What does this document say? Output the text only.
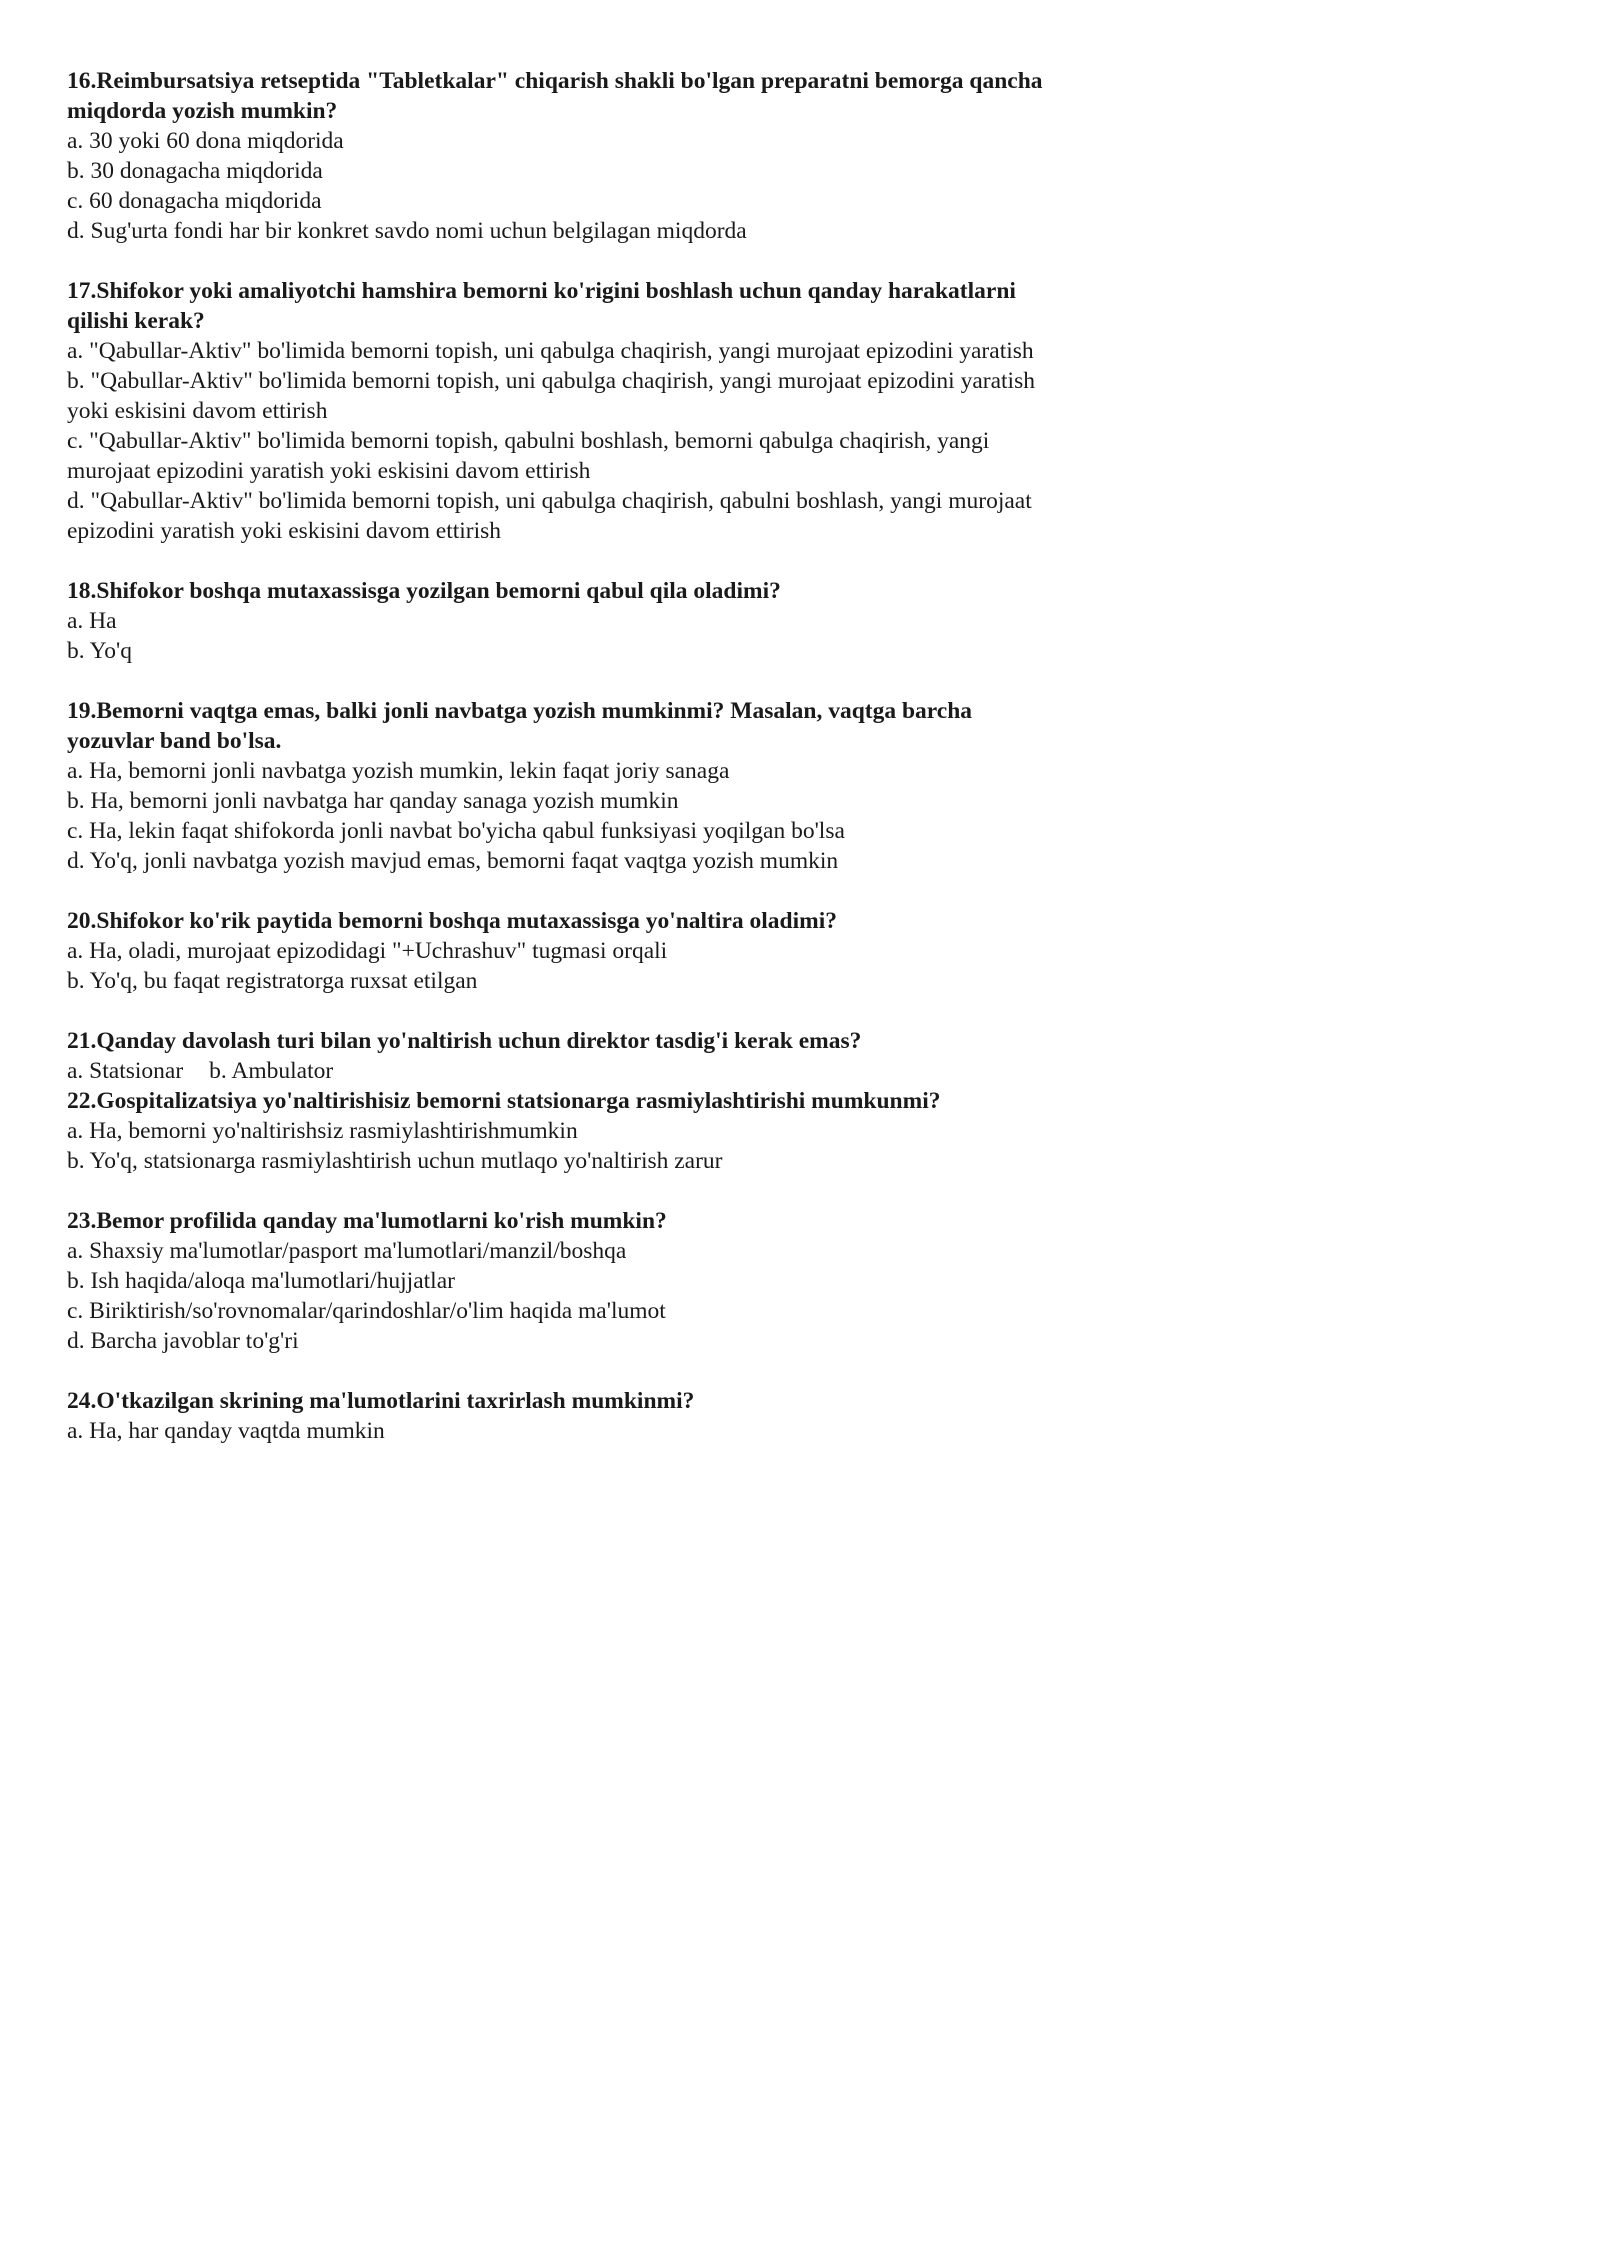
16.Reimbursatsiya retseptida "Tabletkalar" chiqarish shakli bo'lgan preparatni bemorga qancha miqdorda yozish mumkin?

a. 30 yoki 60 dona miqdorida

b. 30 donagacha miqdorida

c. 60 donagacha miqdorida

d. Sug'urta fondi har bir konkret savdo nomi uchun belgilagan miqdorda

17.Shifokor yoki amaliyotchi hamshira bemorni ko'rigini boshlash uchun qanday harakatlarni qilishi kerak?

a. "Qabullar-Aktiv" bo'limida bemorni topish, uni qabulga chaqirish, yangi murojaat epizodini yaratish

b. "Qabullar-Aktiv" bo'limida bemorni topish, uni qabulga chaqirish, yangi murojaat epizodini yaratish yoki eskisini davom ettirish

c. "Qabullar-Aktiv" bo'limida bemorni topish, qabulni boshlash, bemorni qabulga chaqirish, yangi murojaat epizodini yaratish yoki eskisini davom ettirish

d. "Qabullar-Aktiv" bo'limida bemorni topish, uni qabulga chaqirish, qabulni boshlash, yangi murojaat epizodini yaratish yoki eskisini davom ettirish

18.Shifokor boshqa mutaxassisga yozilgan bemorni qabul qila oladimi?

a. Ha

b. Yo'q

19.Bemorni vaqtga emas, balki jonli navbatga yozish mumkinmi? Masalan, vaqtga barcha yozuvlar band bo'lsa.

a. Ha, bemorni jonli navbatga yozish mumkin, lekin faqat joriy sanaga

b. Ha, bemorni jonli navbatga har qanday sanaga yozish mumkin

c. Ha, lekin faqat shifokorda jonli navbat bo'yicha qabul funksiyasi yoqilgan bo'lsa

d. Yo'q, jonli navbatga yozish mavjud emas, bemorni faqat vaqtga yozish mumkin

20.Shifokor ko'rik paytida bemorni boshqa mutaxassisga yo'naltira oladimi?

a. Ha, oladi, murojaat epizodidagi "+Uchrashuv" tugmasi orqali

b. Yo'q, bu faqat registratorga ruxsat etilgan

21.Qanday davolash turi bilan yo'naltirish uchun direktor tasdig'i kerak emas?

a. Statsionar b. Ambulator

22.Gospitalizatsiya yo'naltirishisiz bemorni statsionarga rasmiylashtirishi mumkunmi?

a. Ha, bemorni yo'naltirishsiz rasmiylashtirishmumkin

b. Yo'q, statsionarga rasmiylashtirish uchun mutlaqo yo'naltirish zarur

23.Bemor profilida qanday ma'lumotlarni ko'rish mumkin?

a. Shaxsiy ma'lumotlar/pasport ma'lumotlari/manzil/boshqa

b. Ish haqida/aloqa ma'lumotlari/hujjatlar

c. Biriktirish/so'rovnomalar/qarindoshlar/o'lim haqida ma'lumot

d. Barcha javoblar to'g'ri

24.O'tkazilgan skrining ma'lumotlarini taxrirlash mumkinmi?

a. Ha, har qanday vaqtda mumkin
